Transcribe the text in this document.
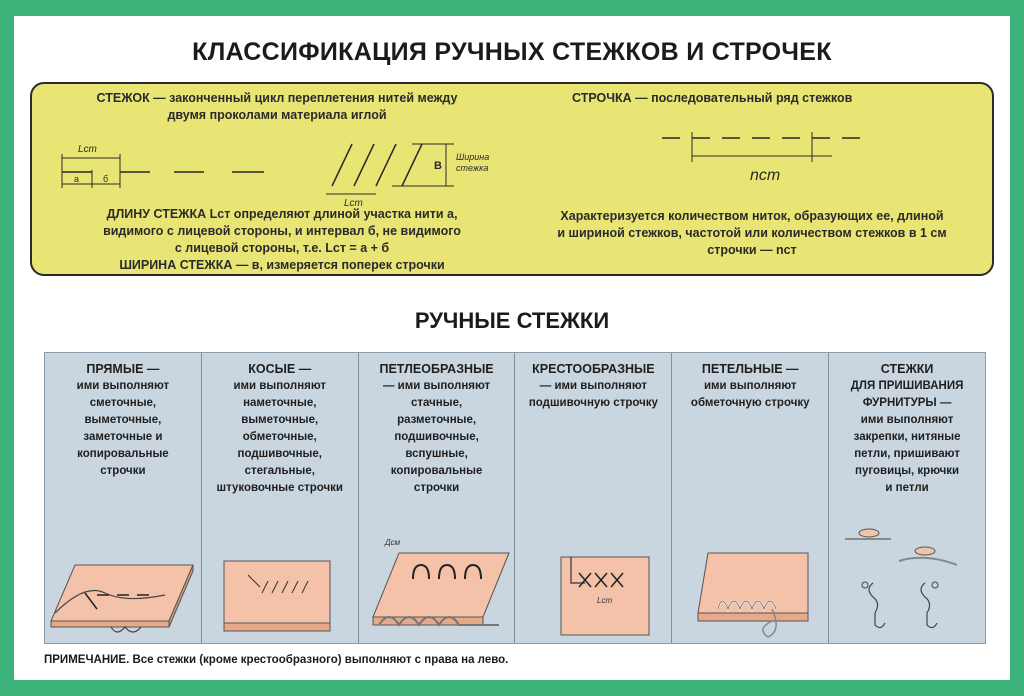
КЛАССИФИКАЦИЯ РУЧНЫХ СТЕЖКОВ И СТРОЧЕК
СТЕЖОК — законченный цикл переплетения нитей между
двумя проколами материала иглой
СТРОЧКА — последовательный ряд стежков
Lст
а	б
В
Ширина
стежка
Lст
nст
ДЛИНУ СТЕЖКА Lст определяют длиной участка нити а,
видимого с лицевой стороны, и интервал б, не видимого
с лицевой стороны, т.е. Lст = а + б
ШИРИНА СТЕЖКА — в, измеряется поперек строчки
Характеризуется количеством ниток, образующих ее, длиной
и шириной стежков, частотой или количеством стежков в 1 см
строчки — nст
РУЧНЫЕ СТЕЖКИ
ПРЯМЫЕ —
ими выполняют
сметочные,
выметочные,
заметочные и
копировальные
строчки
КОСЫЕ —
ими выполняют
наметочные,
выметочные,
обметочные,
подшивочные,
стегальные,
штуковочные строчки
ПЕТЛЕОБРАЗНЫЕ
— ими выполняют
стачные,
разметочные,
подшивочные,
вспушные,
копировальные
строчки
Дсм
КРЕСТООБРАЗНЫЕ
— ими выполняют
подшивочную строчку
Lст
ПЕТЕЛЬНЫЕ —
ими выполняют
обметочную строчку
СТЕЖКИ
ДЛЯ ПРИШИВАНИЯ
ФУРНИТУРЫ —
ими выполняют
закрепки, нитяные
петли, пришивают
пуговицы, крючки
и петли
ПРИМЕЧАНИЕ. Все стежки (кроме крестообразного) выполняют с права на лево.
